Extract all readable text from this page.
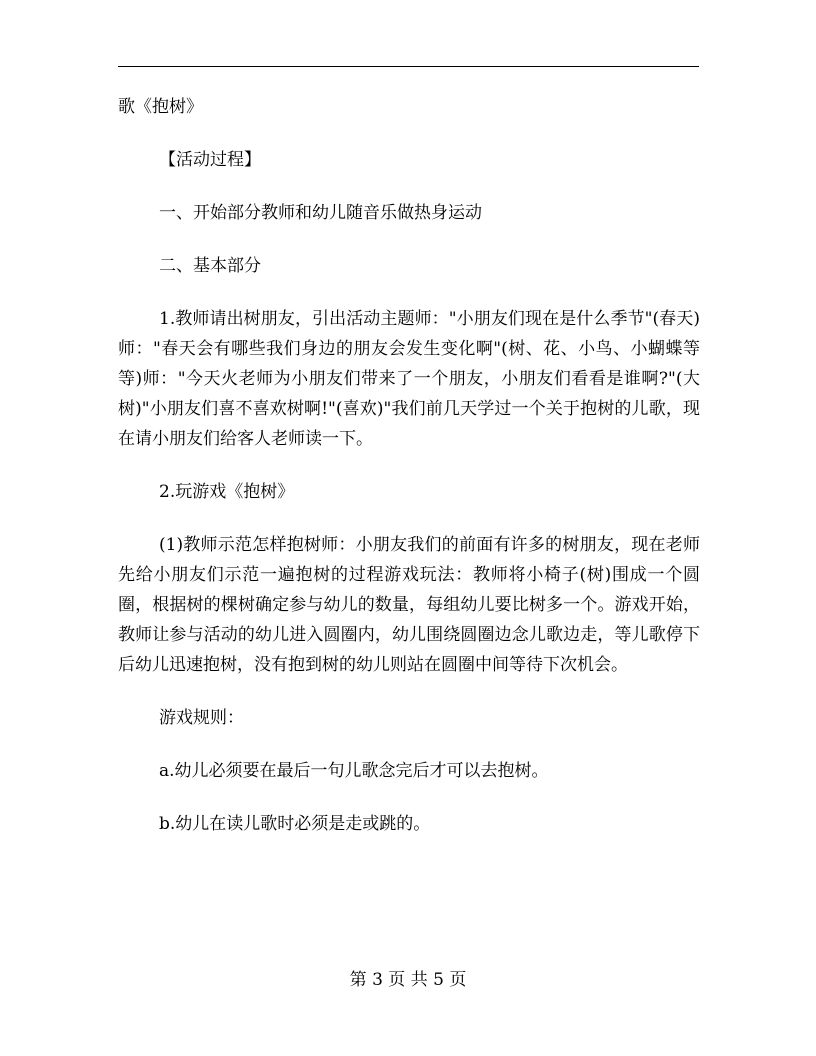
歌《抱树》

【活动过程】

一、开始部分教师和幼儿随音乐做热身运动

二、基本部分

1.教师请出树朋友，引出活动主题师："小朋友们现在是什么季节"(春天)师："春天会有哪些我们身边的朋友会发生变化啊"(树、花、小鸟、小蝴蝶等等)师："今天火老师为小朋友们带来了一个朋友，小朋友们看看是谁啊?"(大树)"小朋友们喜不喜欢树啊!"(喜欢)"我们前几天学过一个关于抱树的儿歌，现在请小朋友们给客人老师读一下。

2.玩游戏《抱树》

(1)教师示范怎样抱树师：小朋友我们的前面有许多的树朋友，现在老师先给小朋友们示范一遍抱树的过程游戏玩法：教师将小椅子(树)围成一个圆圈，根据树的棵树确定参与幼儿的数量，每组幼儿要比树多一个。游戏开始，教师让参与活动的幼儿进入圆圈内，幼儿围绕圆圈边念儿歌边走，等儿歌停下后幼儿迅速抱树，没有抱到树的幼儿则站在圆圈中间等待下次机会。

游戏规则：

a.幼儿必须要在最后一句儿歌念完后才可以去抱树。

b.幼儿在读儿歌时必须是走或跳的。

第 3 页 共 5 页
